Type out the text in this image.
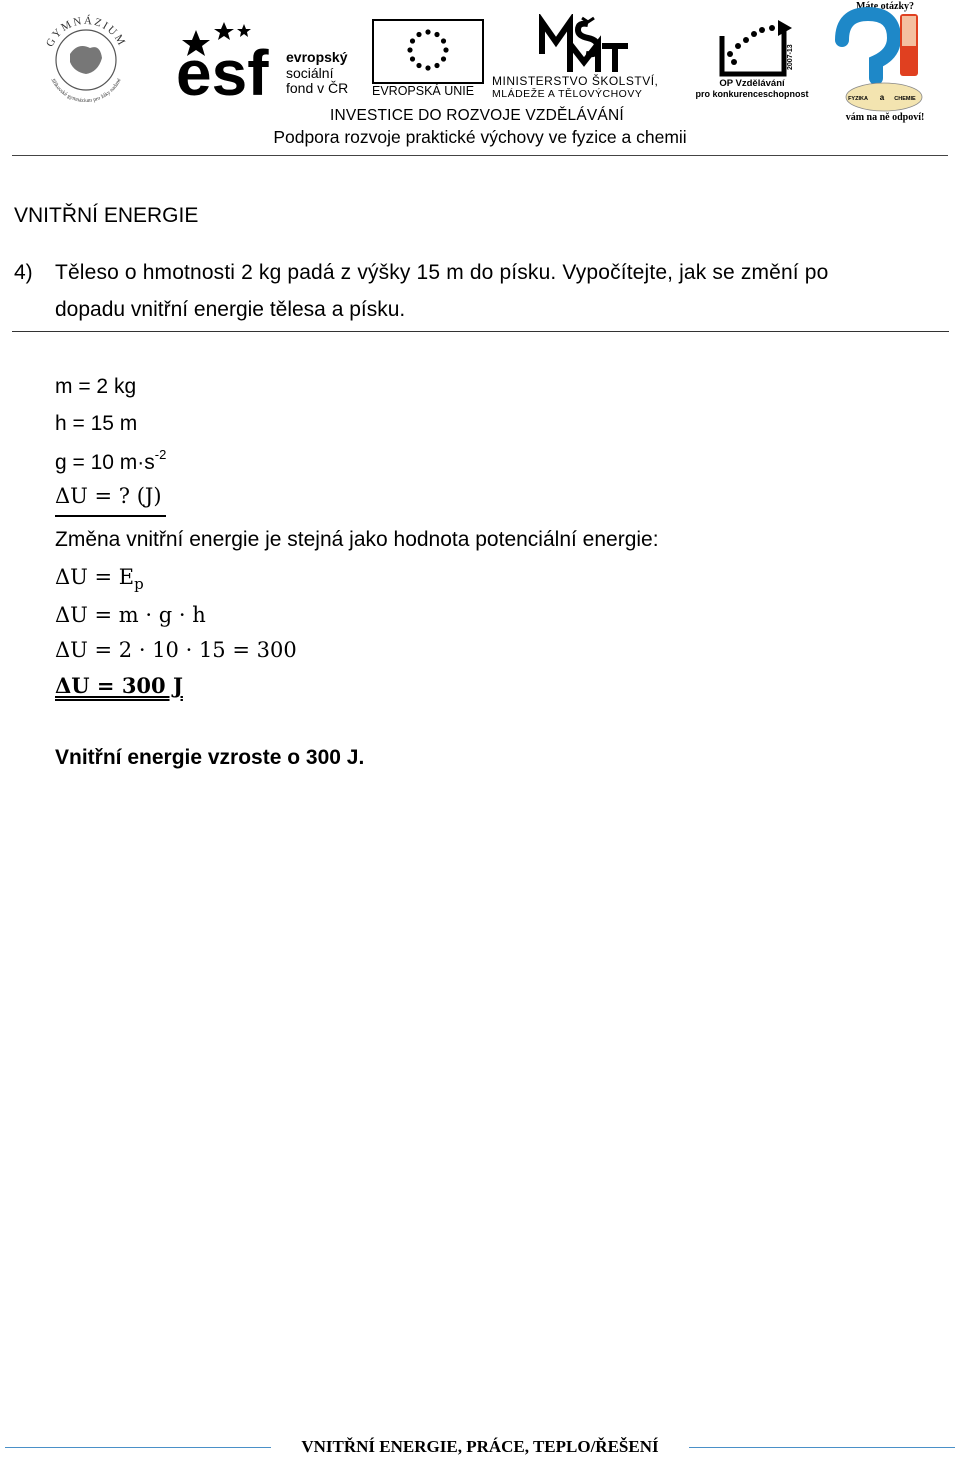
GYMNÁZIUM
Jiříkovské gymnázium pro žáky nadané esf evropský
sociální
fond v ČR EVROPSKÁ UNIE
MINISTERSTVO ŠKOLSTVÍ,
MLÁDEŽE A TĚLOVÝCHOVY
2007-13
OP Vzdělávání
pro konkurenceschopnost
Máte otázky?
FYZIKA a CHEMIE
vám na ně odpoví!
INVESTICE DO ROZVOJE VZDĚLÁVÁNÍ
Podpora rozvoje praktické výchovy ve fyzice a chemii
VNITŘNÍ ENERGIE
4) Těleso o hmotnosti 2 kg padá z výšky 15 m do písku. Vypočítejte, jak se změní po
dopadu vnitřní energie tělesa a písku.
m = 2 kg
h = 15 m
g = 10 $m\cdot s^{-2}$
ΔU = ? (J)
Změna vnitřní energie je stejná jako hodnota potenciální energie:
$\Delta U = E_p$
ΔU = m · g · h
ΔU = 2 · 10 · 15 = 300
ΔU = 300 J
Vnitřní energie vzroste o 300 J.
VNITŘNÍ ENERGIE, PRÁCE, TEPLO/ŘEŠENÍ
